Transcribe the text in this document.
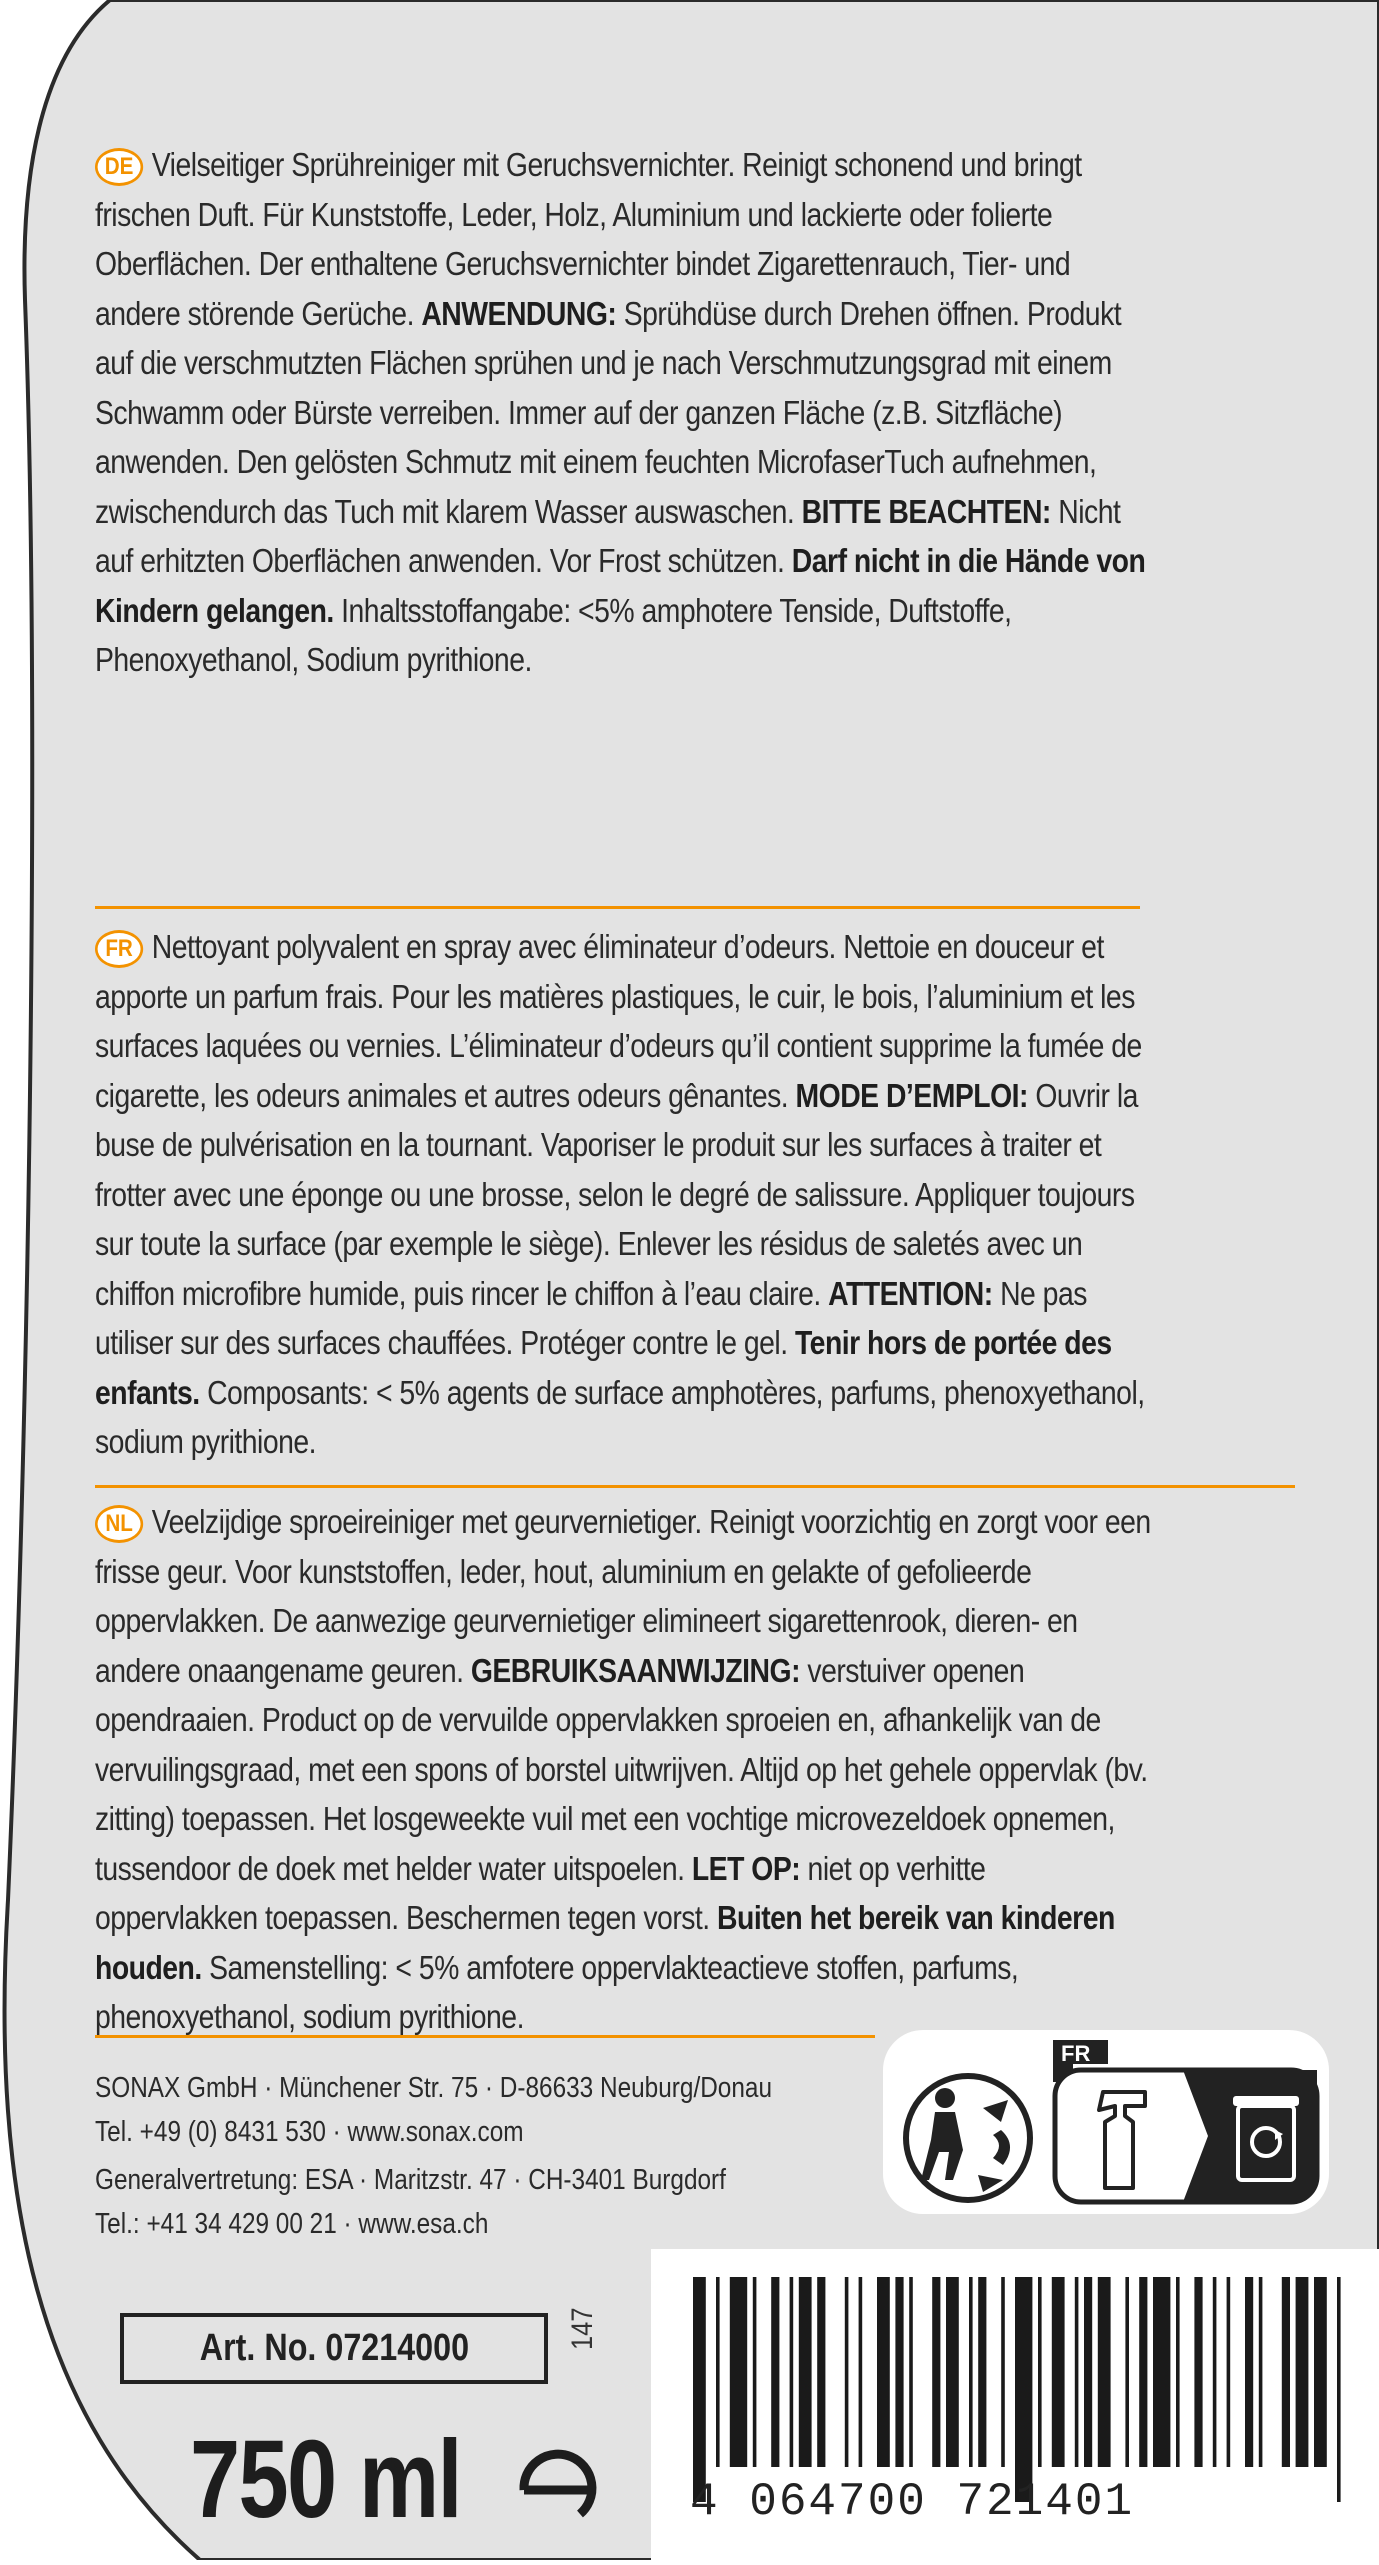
DE Vielseitiger Sprühreiniger mit Geruchsvernichter. Reinigt schonend und bringt frischen Duft. Für Kunststoffe, Leder, Holz, Aluminium und lackierte oder folierte Oberflächen. Der enthaltene Geruchsvernichter bindet Zigarettenrauch, Tier- und andere störende Gerüche. ANWENDUNG: Sprühdüse durch Drehen öffnen. Produkt auf die verschmutzten Flächen sprühen und je nach Verschmutzungsgrad mit einem Schwamm oder Bürste verreiben. Immer auf der ganzen Fläche (z.B. Sitzfläche) anwenden. Den gelösten Schmutz mit einem feuchten MicrofaserTuch aufnehmen, zwischendurch das Tuch mit klarem Wasser auswaschen. BITTE BEACHTEN: Nicht auf erhitzten Oberflächen anwenden. Vor Frost schützen. Darf nicht in die Hände von Kindern gelangen. Inhaltsstoffangabe: <5% amphotere Tenside, Duftstoffe, Phenoxyethanol, Sodium pyrithione.
FR Nettoyant polyvalent en spray avec éliminateur d’odeurs. Nettoie en douceur et apporte un parfum frais. Pour les matières plastiques, le cuir, le bois, l’aluminium et les surfaces laquées ou vernies. L’éliminateur d’odeurs qu’il contient supprime la fumée de cigarette, les odeurs animales et autres odeurs gênantes. MODE D’EMPLOI: Ouvrir la buse de pulvérisation en la tournant. Vaporiser le produit sur les surfaces à traiter et frotter avec une éponge ou une brosse, selon le degré de salissure. Appliquer toujours sur toute la surface (par exemple le siège). Enlever les résidus de saletés avec un chiffon microfibre humide, puis rincer le chiffon à l’eau claire. ATTENTION: Ne pas utiliser sur des surfaces chauffées. Protéger contre le gel. Tenir hors de portée des enfants. Composants: < 5% agents de surface amphotères, parfums, phenoxyethanol, sodium pyrithione.
NL Veelzijdige sproeireiniger met geurvernietiger. Reinigt voorzichtig en zorgt voor een frisse geur. Voor kunststoffen, leder, hout, aluminium en gelakte of gefolieerde oppervlakken. De aanwezige geurvernietiger elimineert sigarettenrook, dieren- en andere onaangename geuren. GEBRUIKSAANWIJZING: verstuiver openen opendraaien. Product op de vervuilde oppervlakken sproeien en, afhankelijk van de vervuilingsgraad, met een spons of borstel uitwrijven. Altijd op het gehele oppervlak (bv. zitting) toepassen. Het losgeweekte vuil met een vochtige microvezeldoek opnemen, tussendoor de doek met helder water uitspoelen. LET OP: niet op verhitte oppervlakken toepassen. Beschermen tegen vorst. Buiten het bereik van kinderen houden. Samenstelling: < 5% amfotere oppervlakteactieve stoffen, parfums, phenoxyethanol, sodium pyrithione.
SONAX GmbH · Münchener Str. 75 · D-86633 Neuburg/Donau
Tel. +49 (0) 8431 530 · www.sonax.com
Generalvertretung: ESA · Maritzstr. 47 · CH-3401 Burgdorf
Tel.: +41 34 429 00 21 · www.esa.ch
FR
Art. No. 07214000	147
750 ml	4 064700 721401
